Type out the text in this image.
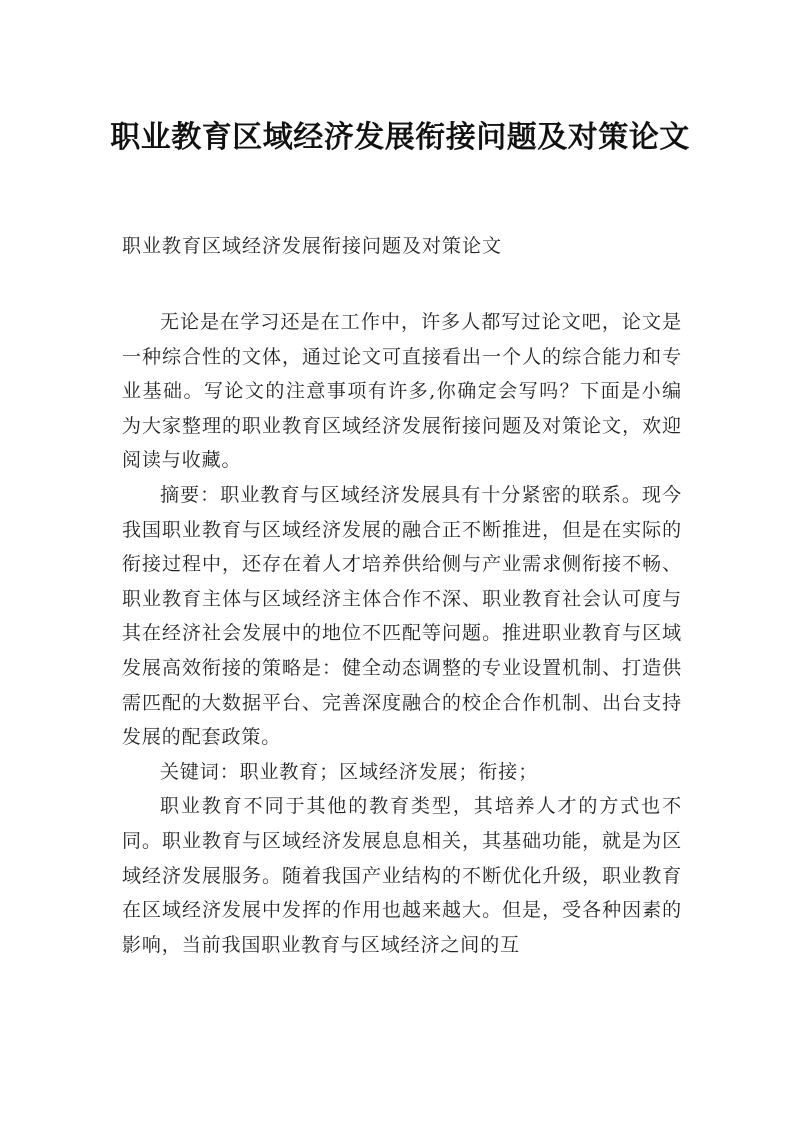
职业教育区域经济发展衔接问题及对策论文
职业教育区域经济发展衔接问题及对策论文

无论是在学习还是在工作中，许多人都写过论文吧，论文是一种综合性的文体，通过论文可直接看出一个人的综合能力和专业基础。写论文的注意事项有许多,你确定会写吗？下面是小编为大家整理的职业教育区域经济发展衔接问题及对策论文，欢迎阅读与收藏。

摘要：职业教育与区域经济发展具有十分紧密的联系。现今我国职业教育与区域经济发展的融合正不断推进，但是在实际的衔接过程中，还存在着人才培养供给侧与产业需求侧衔接不畅、职业教育主体与区域经济主体合作不深、职业教育社会认可度与其在经济社会发展中的地位不匹配等问题。推进职业教育与区域发展高效衔接的策略是：健全动态调整的专业设置机制、打造供需匹配的大数据平台、完善深度融合的校企合作机制、出台支持发展的配套政策。

关键词：职业教育；区域经济发展；衔接；

职业教育不同于其他的教育类型，其培养人才的方式也不同。职业教育与区域经济发展息息相关，其基础功能，就是为区域经济发展服务。随着我国产业结构的不断优化升级，职业教育在区域经济发展中发挥的作用也越来越大。但是，受各种因素的影响，当前我国职业教育与区域经济之间的互
